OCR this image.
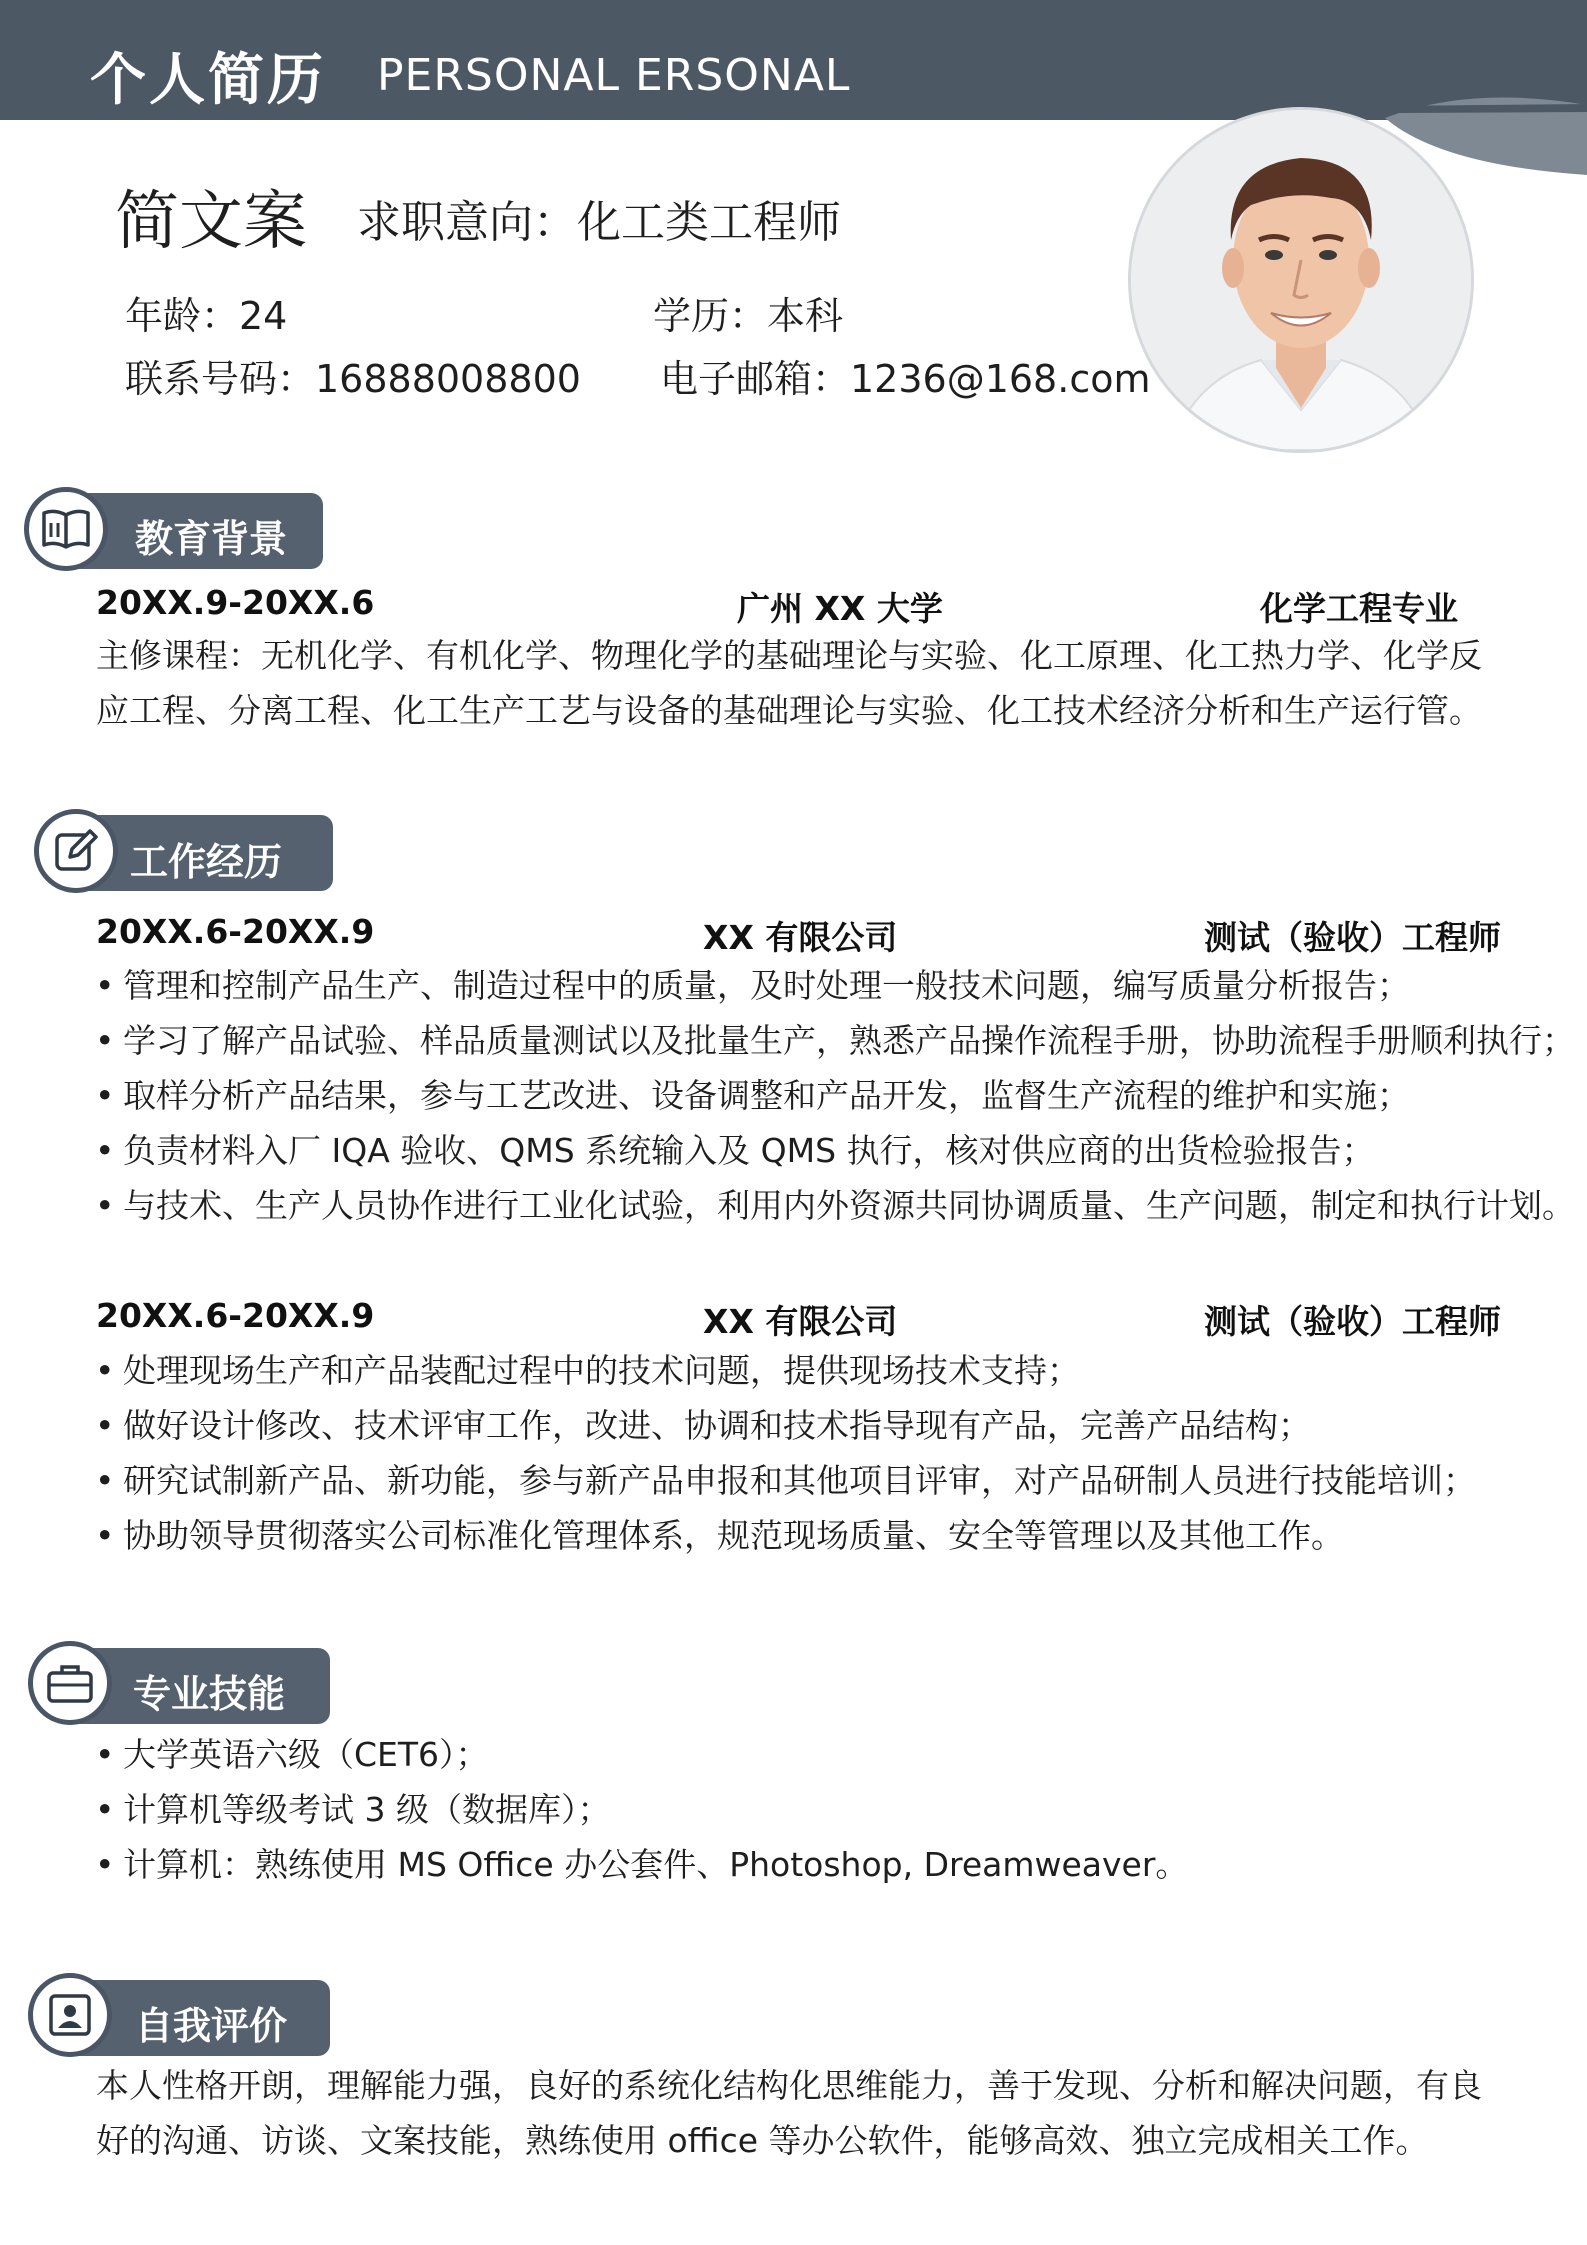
个人简历 PERSONAL ERSONAL
简文案 求职意向：化工类工程师
年龄：24	学历：本科
联系号码：16888008800 电子邮箱：1236@168.com
教育背景
20XX.9-20XX.6	广州 XX 大学	化学工程专业
主修课程：无机化学、有机化学、物理化学的基础理论与实验、化工原理、化工热力学、化学反应工程、分离工程、化工生产工艺与设备的基础理论与实验、化工技术经济分析和生产运行管。
工作经历
20XX.6-20XX.9	XX 有限公司	测试（验收）工程师
• 管理和控制产品生产、制造过程中的质量，及时处理一般技术问题，编写质量分析报告；
• 学习了解产品试验、样品质量测试以及批量生产，熟悉产品操作流程手册，协助流程手册顺利执行；
• 取样分析产品结果，参与工艺改进、设备调整和产品开发，监督生产流程的维护和实施；
• 负责材料入厂 IQA 验收、QMS 系统输入及 QMS 执行，核对供应商的出货检验报告；
• 与技术、生产人员协作进行工业化试验，利用内外资源共同协调质量、生产问题，制定和执行计划。
20XX.6-20XX.9	XX 有限公司	测试（验收）工程师
• 处理现场生产和产品装配过程中的技术问题，提供现场技术支持；
• 做好设计修改、技术评审工作，改进、协调和技术指导现有产品，完善产品结构；
• 研究试制新产品、新功能，参与新产品申报和其他项目评审，对产品研制人员进行技能培训；
• 协助领导贯彻落实公司标准化管理体系，规范现场质量、安全等管理以及其他工作。
专业技能
• 大学英语六级（CET6）；
• 计算机等级考试 3 级（数据库）；
• 计算机：熟练使用 MS Office 办公套件、Photoshop, Dreamweaver。
自我评价
本人性格开朗，理解能力强，良好的系统化结构化思维能力，善于发现、分析和解决问题，有良好的沟通、访谈、文案技能，熟练使用 office 等办公软件，能够高效、独立完成相关工作。
